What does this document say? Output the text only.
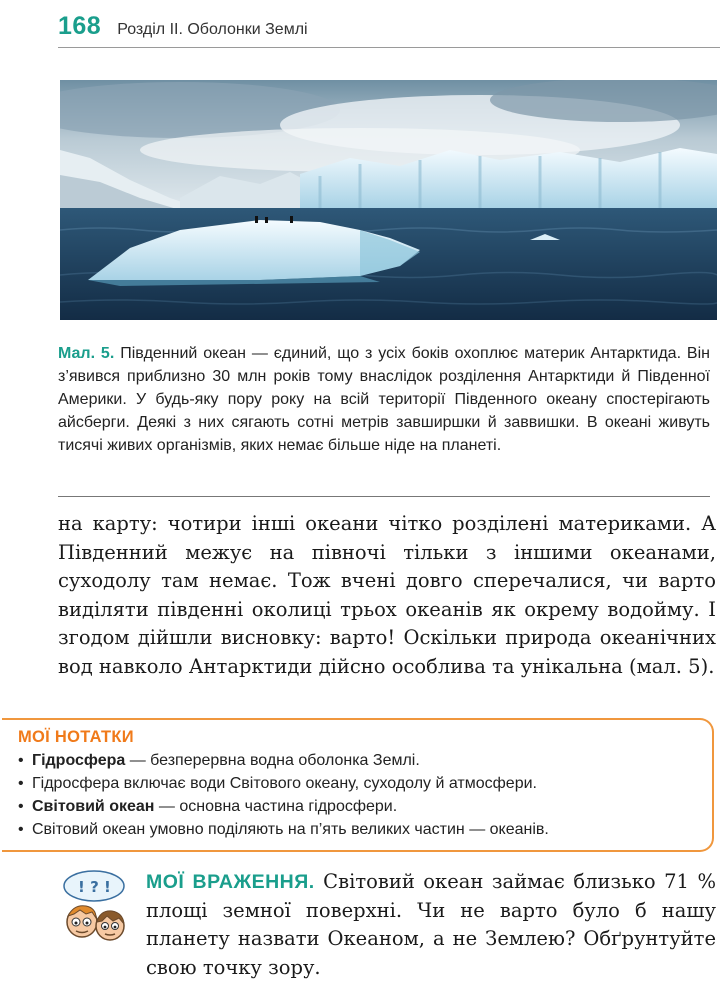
168 Розділ ІІ. Оболонки Землі
Мал. 5. Південний океан — єдиний, що з усіх боків охоплює материк Антарктида. Він з’явився приблизно 30 млн років тому внаслідок розділення Антарктиди й Південної Америки. У будь-яку пору року на всій території Південного океану спостерігають айсберги. Деякі з них сягають сотні метрів завширшки й заввишки. В океані живуть тисячі живих організмів, яких немає більше ніде на планеті.

на карту: чотири інші океани чітко розділені материками. А Південний межує на півночі тільки з іншими океанами, суходолу там немає. Тож вчені довго сперечалися, чи варто виділяти південні околиці трьох океанів як окрему водойму. І згодом дійшли висновку: варто! Оскільки природа океанічних вод навколо Антарктиди дійсно особлива та унікальна (мал. 5).

МОЇ НОТАТКИ
• Гідросфера — безперервна водна оболонка Землі.
• Гідросфера включає води Світового океану, суходолу й атмосфери.
• Світовий океан — основна частина гідросфери.
• Світовий океан умовно поділяють на п’ять великих частин — океанів.
! ? ! МОЇ ВРАЖЕННЯ. Світовий океан займає близько 71 % площі земної поверхні. Чи не варто було б нашу планету назвати Океаном, а не Землею? Обґрунтуйте свою точку зору.
